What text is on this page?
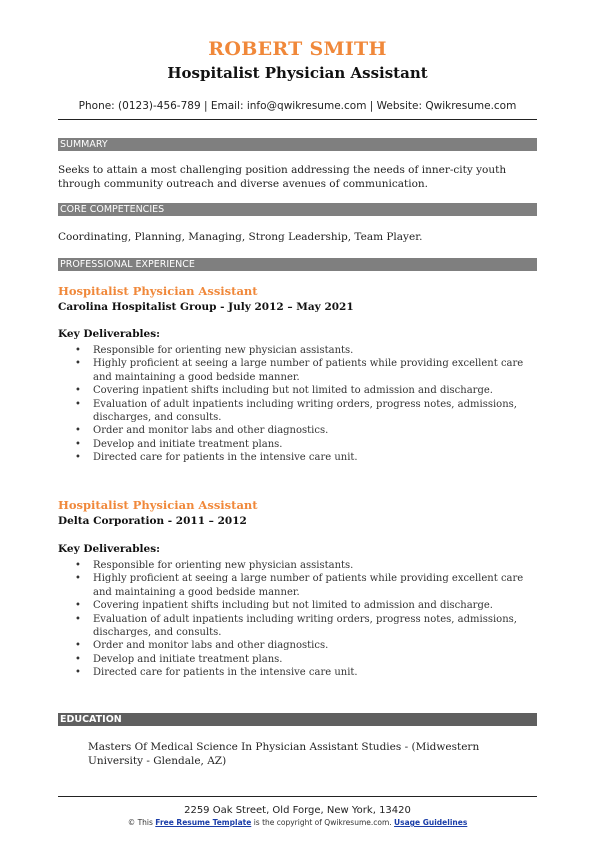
ROBERT SMITH
Hospitalist Physician Assistant
Phone: (0123)-456-789 | Email: info@qwikresume.com | Website: Qwikresume.com
SUMMARY
Seeks to attain a most challenging position addressing the needs of inner-city youth through community outreach and diverse avenues of communication.
CORE COMPETENCIES
Coordinating, Planning, Managing, Strong Leadership, Team Player.
PROFESSIONAL EXPERIENCE
Hospitalist Physician Assistant
Carolina Hospitalist Group - July 2012 – May 2021
Key Deliverables:
• Responsible for orienting new physician assistants.
• Highly proficient at seeing a large number of patients while providing excellent care and maintaining a good bedside manner.
• Covering inpatient shifts including but not limited to admission and discharge.
• Evaluation of adult inpatients including writing orders, progress notes, admissions, discharges, and consults.
• Order and monitor labs and other diagnostics.
• Develop and initiate treatment plans.
• Directed care for patients in the intensive care unit.
Hospitalist Physician Assistant
Delta Corporation - 2011 – 2012
Key Deliverables:
• Responsible for orienting new physician assistants.
• Highly proficient at seeing a large number of patients while providing excellent care and maintaining a good bedside manner.
• Covering inpatient shifts including but not limited to admission and discharge.
• Evaluation of adult inpatients including writing orders, progress notes, admissions, discharges, and consults.
• Order and monitor labs and other diagnostics.
• Develop and initiate treatment plans.
• Directed care for patients in the intensive care unit.
EDUCATION
Masters Of Medical Science In Physician Assistant Studies - (Midwestern University - Glendale, AZ)
2259 Oak Street, Old Forge, New York, 13420
© This Free Resume Template is the copyright of Qwikresume.com. Usage Guidelines
